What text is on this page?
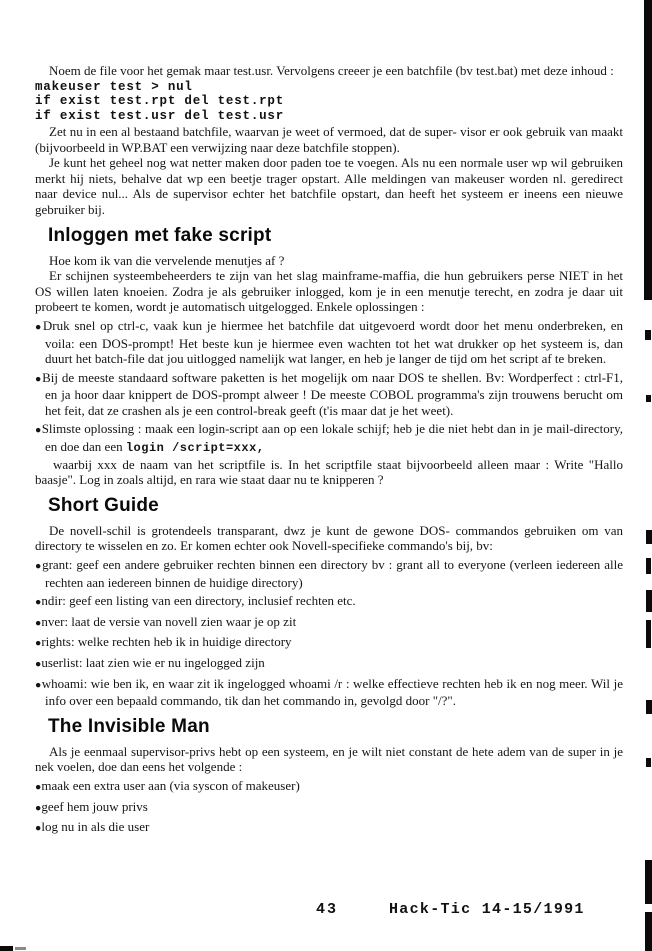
Noem de file voor het gemak maar test.usr. Vervolgens creeer je een batchfile (bv test.bat) met deze inhoud :

makeuser test > nul
if exist test.rpt del test.rpt
if exist test.usr del test.usr

Zet nu in een al bestaand batchfile, waarvan je weet of vermoed, dat de super- visor er ook gebruik van maakt (bijvoorbeeld in WP.BAT een verwijzing naar deze batchfile stoppen).

Je kunt het geheel nog wat netter maken door paden toe te voegen. Als nu een normale user wp wil gebruiken merkt hij niets, behalve dat wp een beetje trager opstart. Alle meldingen van makeuser worden nl. geredirect naar device nul... Als de supervisor echter het batchfile opstart, dan heeft het systeem er ineens een nieuwe gebruiker bij.

Inloggen met fake script

Hoe kom ik van die vervelende menutjes af ?

Er schijnen systeembeheerders te zijn van het slag mainframe-maffia, die hun gebruikers perse NIET in het OS willen laten knoeien. Zodra je als gebruiker inlogged, kom je in een menutje terecht, en zodra je daar uit probeert te komen, wordt je automatisch uitgelogged. Enkele oplossingen :

●Druk snel op ctrl-c, vaak kun je hiermee het batchfile dat uitgevoerd wordt door het menu onderbreken, en voila: een DOS-prompt! Het beste kun je hiermee even wachten tot het wat drukker op het systeem is, dan duurt het batch-file dat jou uitlogged namelijk wat langer, en heb je langer de tijd om het script af te breken.
●Bij de meeste standaard software paketten is het mogelijk om naar DOS te shellen. Bv: Wordperfect : ctrl-F1, en ja hoor daar knippert de DOS-prompt alweer ! De meeste COBOL programma's zijn trouwens berucht om het feit, dat ze crashen als je een control-break geeft (t'is maar dat je het weet).
●Slimste oplossing : maak een login-script aan op een lokale schijf; heb je die niet hebt dan in je mail-directory, en doe dan een login /script=xxx,

waarbij xxx de naam van het scriptfile is. In het scriptfile staat bijvoorbeeld alleen maar : Write "Hallo baasje". Log in zoals altijd, en rara wie staat daar nu te knipperen ?

Short Guide

De novell-schil is grotendeels transparant, dwz je kunt de gewone DOS- commandos gebruiken om van directory te wisselen en zo. Er komen echter ook Novell-specifieke commando's bij, bv:

●grant: geef een andere gebruiker rechten binnen een directory bv : grant all to everyone (verleen iedereen alle rechten aan iedereen binnen de huidige directory)
●ndir: geef een listing van een directory, inclusief rechten etc.
●nver: laat de versie van novell zien waar je op zit
●rights: welke rechten heb ik in huidige directory
●userlist: laat zien wie er nu ingelogged zijn
●whoami: wie ben ik, en waar zit ik ingelogged whoami /r : welke effectieve rechten heb ik en nog meer. Wil je info over een bepaald commando, tik dan het commando in, gevolgd door "/?".
The Invisible Man

Als je eenmaal supervisor-privs hebt op een systeem, en je wilt niet constant de hete adem van de super in je nek voelen, doe dan eens het volgende :

●maak een extra user aan (via syscon of makeuser)
●geef hem jouw privs
●log nu in als die user
43	Hack-Tic 14-15/1991
